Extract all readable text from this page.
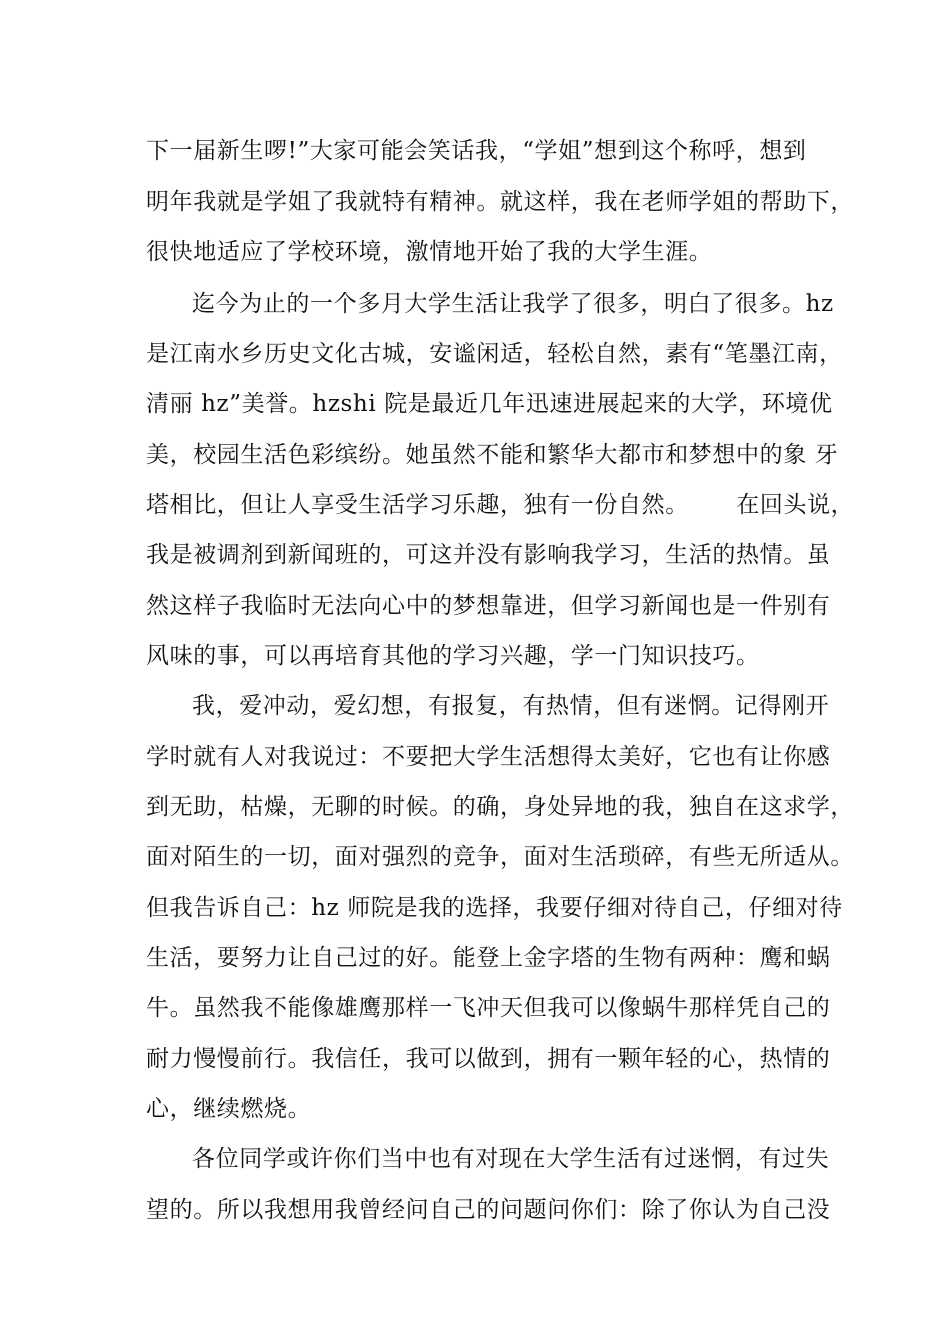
下一届新生啰!”大家可能会笑话我，“学姐”想到这个称呼，想到
明年我就是学姐了我就特有精神。就这样，我在老师学姐的帮助下，
很快地适应了学校环境，激情地开始了我的大学生涯。
迄今为止的一个多月大学生活让我学了很多，明白了很多。hz
是江南水乡历史文化古城，安谧闲适，轻松自然，素有“笔墨江南，
清丽 hz”美誉。hzshi 院是最近几年迅速进展起来的大学，环境优
美，校园生活色彩缤纷。她虽然不能和繁华大都市和梦想中的象 牙
塔相比，但让人享受生活学习乐趣，独有一份自然。      在回头说，
我是被调剂到新闻班的，可这并没有影响我学习，生活的热情。虽
然这样子我临时无法向心中的梦想靠进，但学习新闻也是一件别有
风味的事，可以再培育其他的学习兴趣，学一门知识技巧。
我，爱冲动，爱幻想，有报复，有热情，但有迷惘。记得刚开
学时就有人对我说过：不要把大学生活想得太美好，它也有让你感
到无助，枯燥，无聊的时候。的确，身处异地的我，独自在这求学，
面对陌生的一切，面对强烈的竞争，面对生活琐碎，有些无所适从。
但我告诉自己：hz 师院是我的选择，我要仔细对待自己，仔细对待
生活，要努力让自己过的好。能登上金字塔的生物有两种：鹰和蜗
牛。虽然我不能像雄鹰那样一飞冲天但我可以像蜗牛那样凭自己的
耐力慢慢前行。我信任，我可以做到，拥有一颗年轻的心，热情的
心，继续燃烧。
各位同学或许你们当中也有对现在大学生活有过迷惘，有过失
望的。所以我想用我曾经问自己的问题问你们：除了你认为自己没
